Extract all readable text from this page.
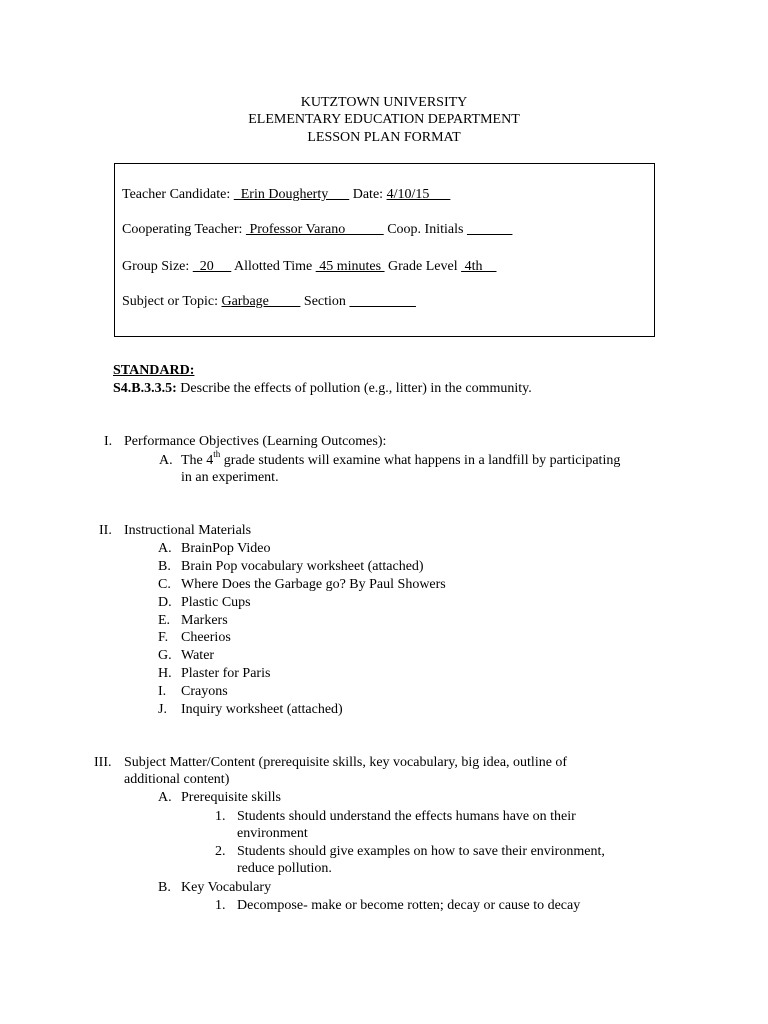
KUTZTOWN UNIVERSITY
ELEMENTARY EDUCATION DEPARTMENT
LESSON PLAN FORMAT
Teacher Candidate:   Erin Dougherty       Date: 4/10/15
Cooperating Teacher:  Professor Varano            Coop. Initials
Group Size:   20      Allotted Time  45 minutes  Grade Level  4th
Subject or Topic: Garbage          Section
STANDARD:
S4.B.3.3.5: Describe the effects of pollution (e.g., litter) in the community.
I. Performance Objectives (Learning Outcomes):
A. The 4th grade students will examine what happens in a landfill by participating
in an experiment.
II. Instructional Materials
A. BrainPop Video
B. Brain Pop vocabulary worksheet (attached)
C. Where Does the Garbage go? By Paul Showers
D. Plastic Cups
E. Markers
F. Cheerios
G. Water
H. Plaster for Paris
I. Crayons
J. Inquiry worksheet (attached)
III. Subject Matter/Content (prerequisite skills, key vocabulary, big idea, outline of
additional content)
A. Prerequisite skills
1. Students should understand the effects humans have on their
environment
2. Students should give examples on how to save their environment,
reduce pollution.
B. Key Vocabulary
1. Decompose- make or become rotten; decay or cause to decay
